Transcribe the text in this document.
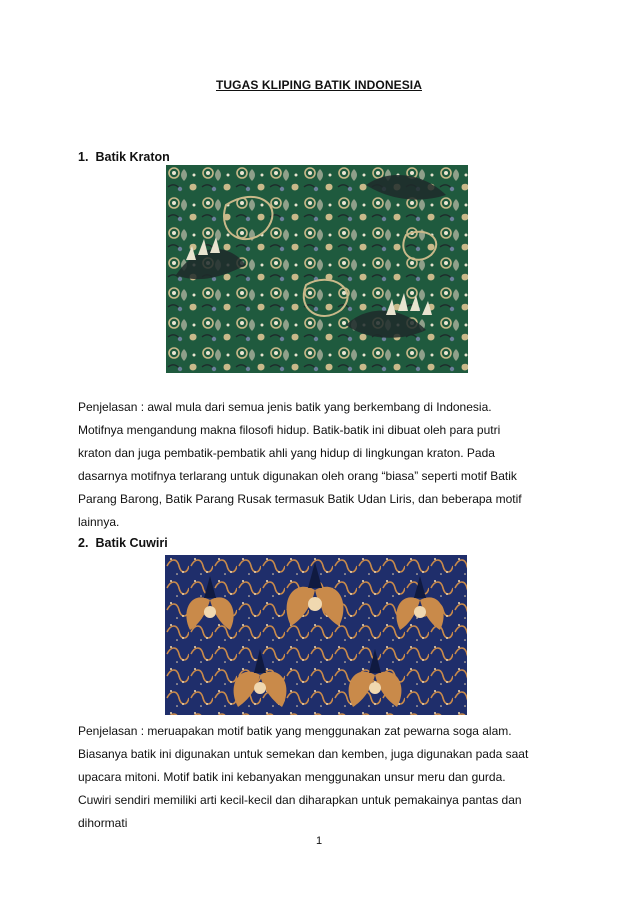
TUGAS KLIPING BATIK INDONESIA
1. Batik Kraton
Penjelasan : awal mula dari semua jenis batik yang berkembang di Indonesia.
Motifnya mengandung makna filosofi hidup. Batik-batik ini dibuat oleh para putri
kraton dan juga pembatik-pembatik ahli yang hidup di lingkungan kraton. Pada
dasarnya motifnya terlarang untuk digunakan oleh orang “biasa” seperti motif Batik
Parang Barong, Batik Parang Rusak termasuk Batik Udan Liris, dan beberapa motif
lainnya.
2. Batik Cuwiri
Penjelasan : meruapakan motif batik yang menggunakan zat pewarna soga alam.
Biasanya batik ini digunakan untuk semekan dan kemben, juga digunakan pada saat
upacara mitoni. Motif batik ini kebanyakan menggunakan unsur meru dan gurda.
Cuwiri sendiri memiliki arti kecil-kecil dan diharapkan untuk pemakainya pantas dan
dihormati
1
